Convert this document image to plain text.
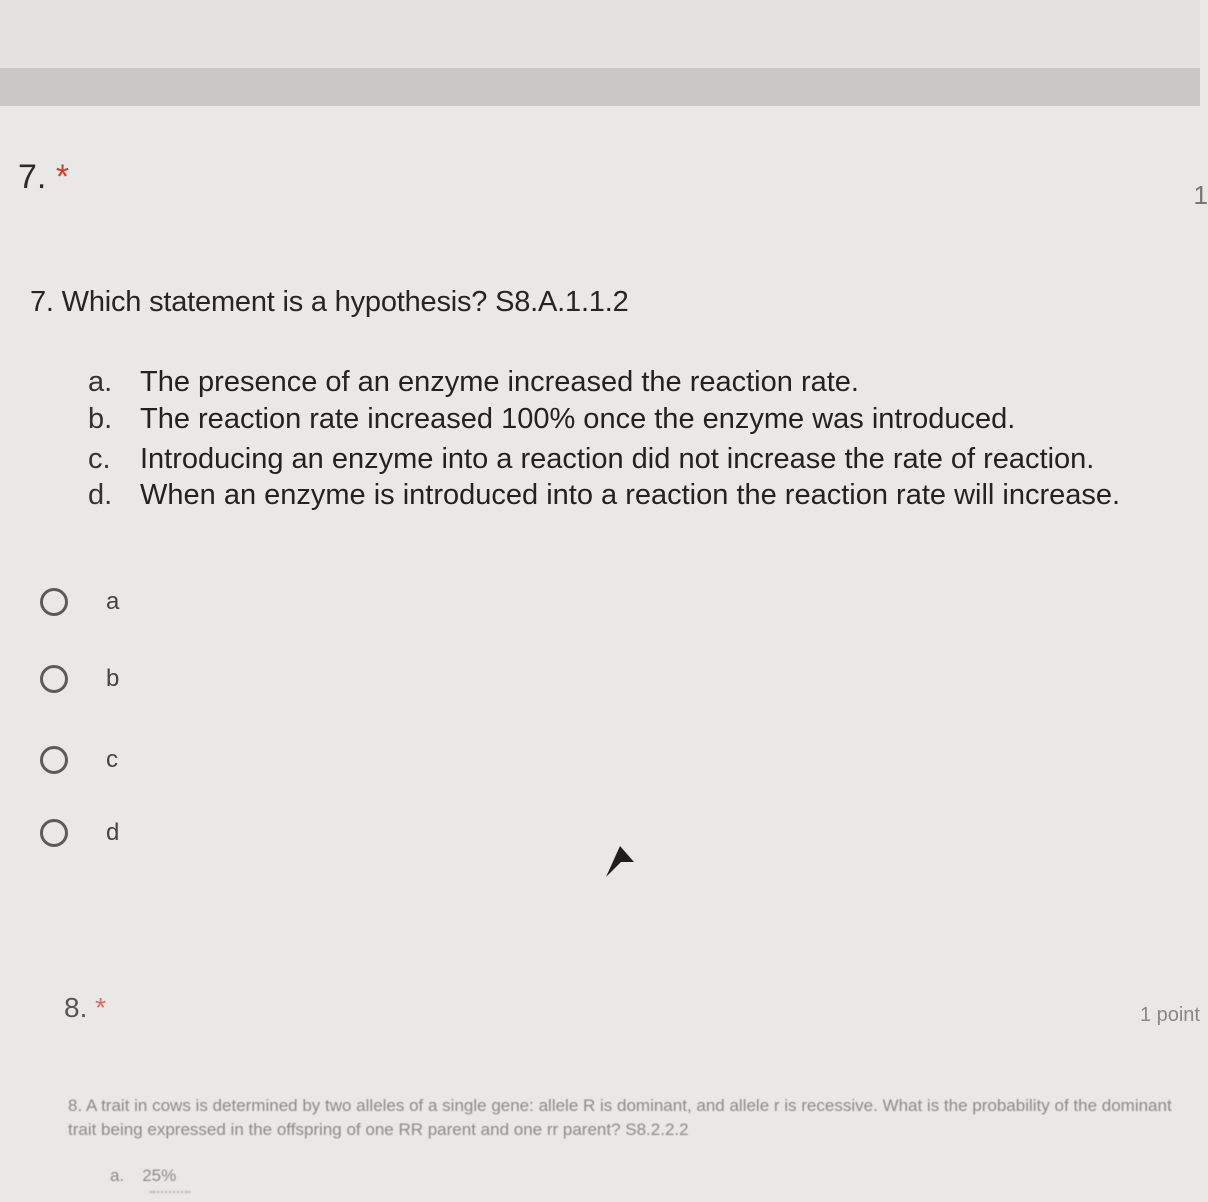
7. *	1
7. Which statement is a hypothesis? S8.A.1.1.2
a. The presence of an enzyme increased the reaction rate.
b. The reaction rate increased 100% once the enzyme was introduced.
c. Introducing an enzyme into a reaction did not increase the rate of reaction.
d. When an enzyme is introduced into a reaction the reaction rate will increase.
a
b
c
d
8. *	1 point
8. A trait in cows is determined by two alleles of a single gene: allele R is dominant, and allele r is recessive. What is the probability of the dominant trait being expressed in the offspring of one RR parent and one rr parent? S8.2.2.2
a. 25%
